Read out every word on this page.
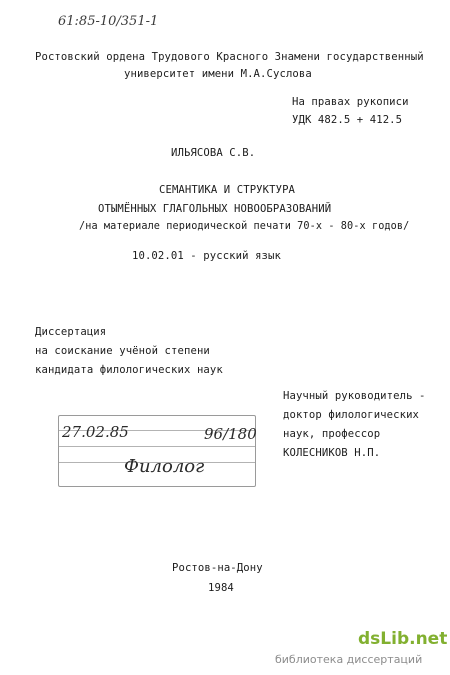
61:85-10/351-1
Ростовский ордена Трудового Красного Знамени государственный
университет имени М.А.Суслова
На правах рукописи
УДК 482.5 + 412.5
ИЛЬЯСОВА С.В.
СЕМАНТИКА И СТРУКТУРА
ОТЫМЁННЫХ ГЛАГОЛЬНЫХ НОВООБРАЗОВАНИЙ
/на материале периодической печати 70-х - 80-х годов/
10.02.01 - русский язык
Диссертация
на соискание учёной степени
кандидата филологических наук
Научный руководитель -
доктор филологических
наук, профессор
КОЛЕСНИКОВ Н.П.
27.02.85	96/180
Филолог
Ростов-на-Дону
1984
dsLib.net
библиотека диссертаций
